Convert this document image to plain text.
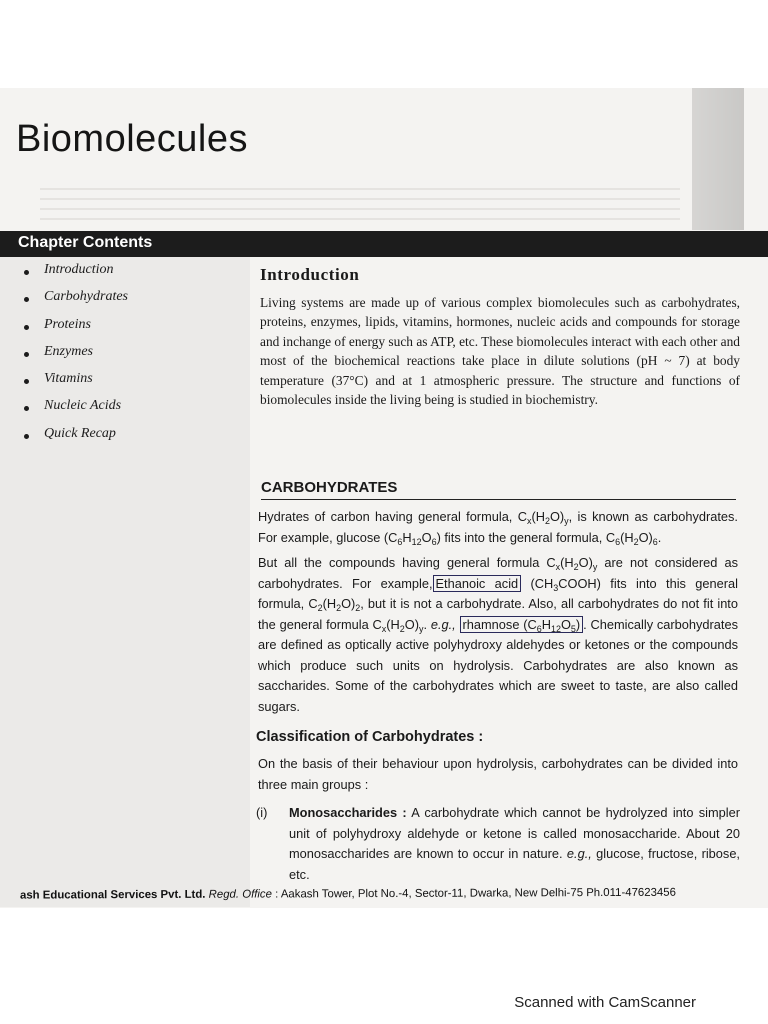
Biomolecules
Chapter Contents
Introduction
Carbohydrates
Proteins
Enzymes
Vitamins
Nucleic Acids
Quick Recap
Introduction

Living systems are made up of various complex biomolecules such as carbohydrates, proteins, enzymes, lipids, vitamins, hormones, nucleic acids and compounds for storage and inchange of energy such as ATP, etc. These biomolecules interact with each other and most of the biochemical reactions take place in dilute solutions (pH ~ 7) at body temperature (37°C) and at 1 atmospheric pressure. The structure and functions of biomolecules inside the living being is studied in biochemistry.

CARBOHYDRATES
Hydrates of carbon having general formula, $C_x(H_2O)_y$, is known as carbohydrates. For example, glucose $(C_6H_{12}O_6)$ fits into the general formula, $C_6(H_2O)_6$.
But all the compounds having general formula $C_x(H_2O)_y$ are not considered as carbohydrates. For example, Ethanoic acid $(CH_3COOH)$ fits into this general formula, $C_2(H_2O)_2$, but it is not a carbohydrate. Also, all carbohydrates do not fit into the general formula $C_x(H_2O)_y$. e.g., rhamnose $(C_6H_{12}O_5)$ . Chemically carbohydrates are defined as optically active polyhydroxy aldehydes or ketones or the compounds which produce such units on hydrolysis. Carbohydrates are also known as saccharides. Some of the carbohydrates which are sweet to taste, are also called sugars.
Classification of Carbohydrates :
On the basis of their behaviour upon hydrolysis, carbohydrates can be divided into three main groups :
(i) Monosaccharides : A carbohydrate which cannot be hydrolyzed into simpler unit of polyhydroxy aldehyde or ketone is called monosaccharide. About 20 monosaccharides are known to occur in nature. e.g., glucose, fructose, ribose, etc.
ash Educational Services Pvt. Ltd. Regd. Office : Aakash Tower, Plot No.-4, Sector-11, Dwarka, New Delhi-75 Ph.011-47623456
Scanned with CamScanner
